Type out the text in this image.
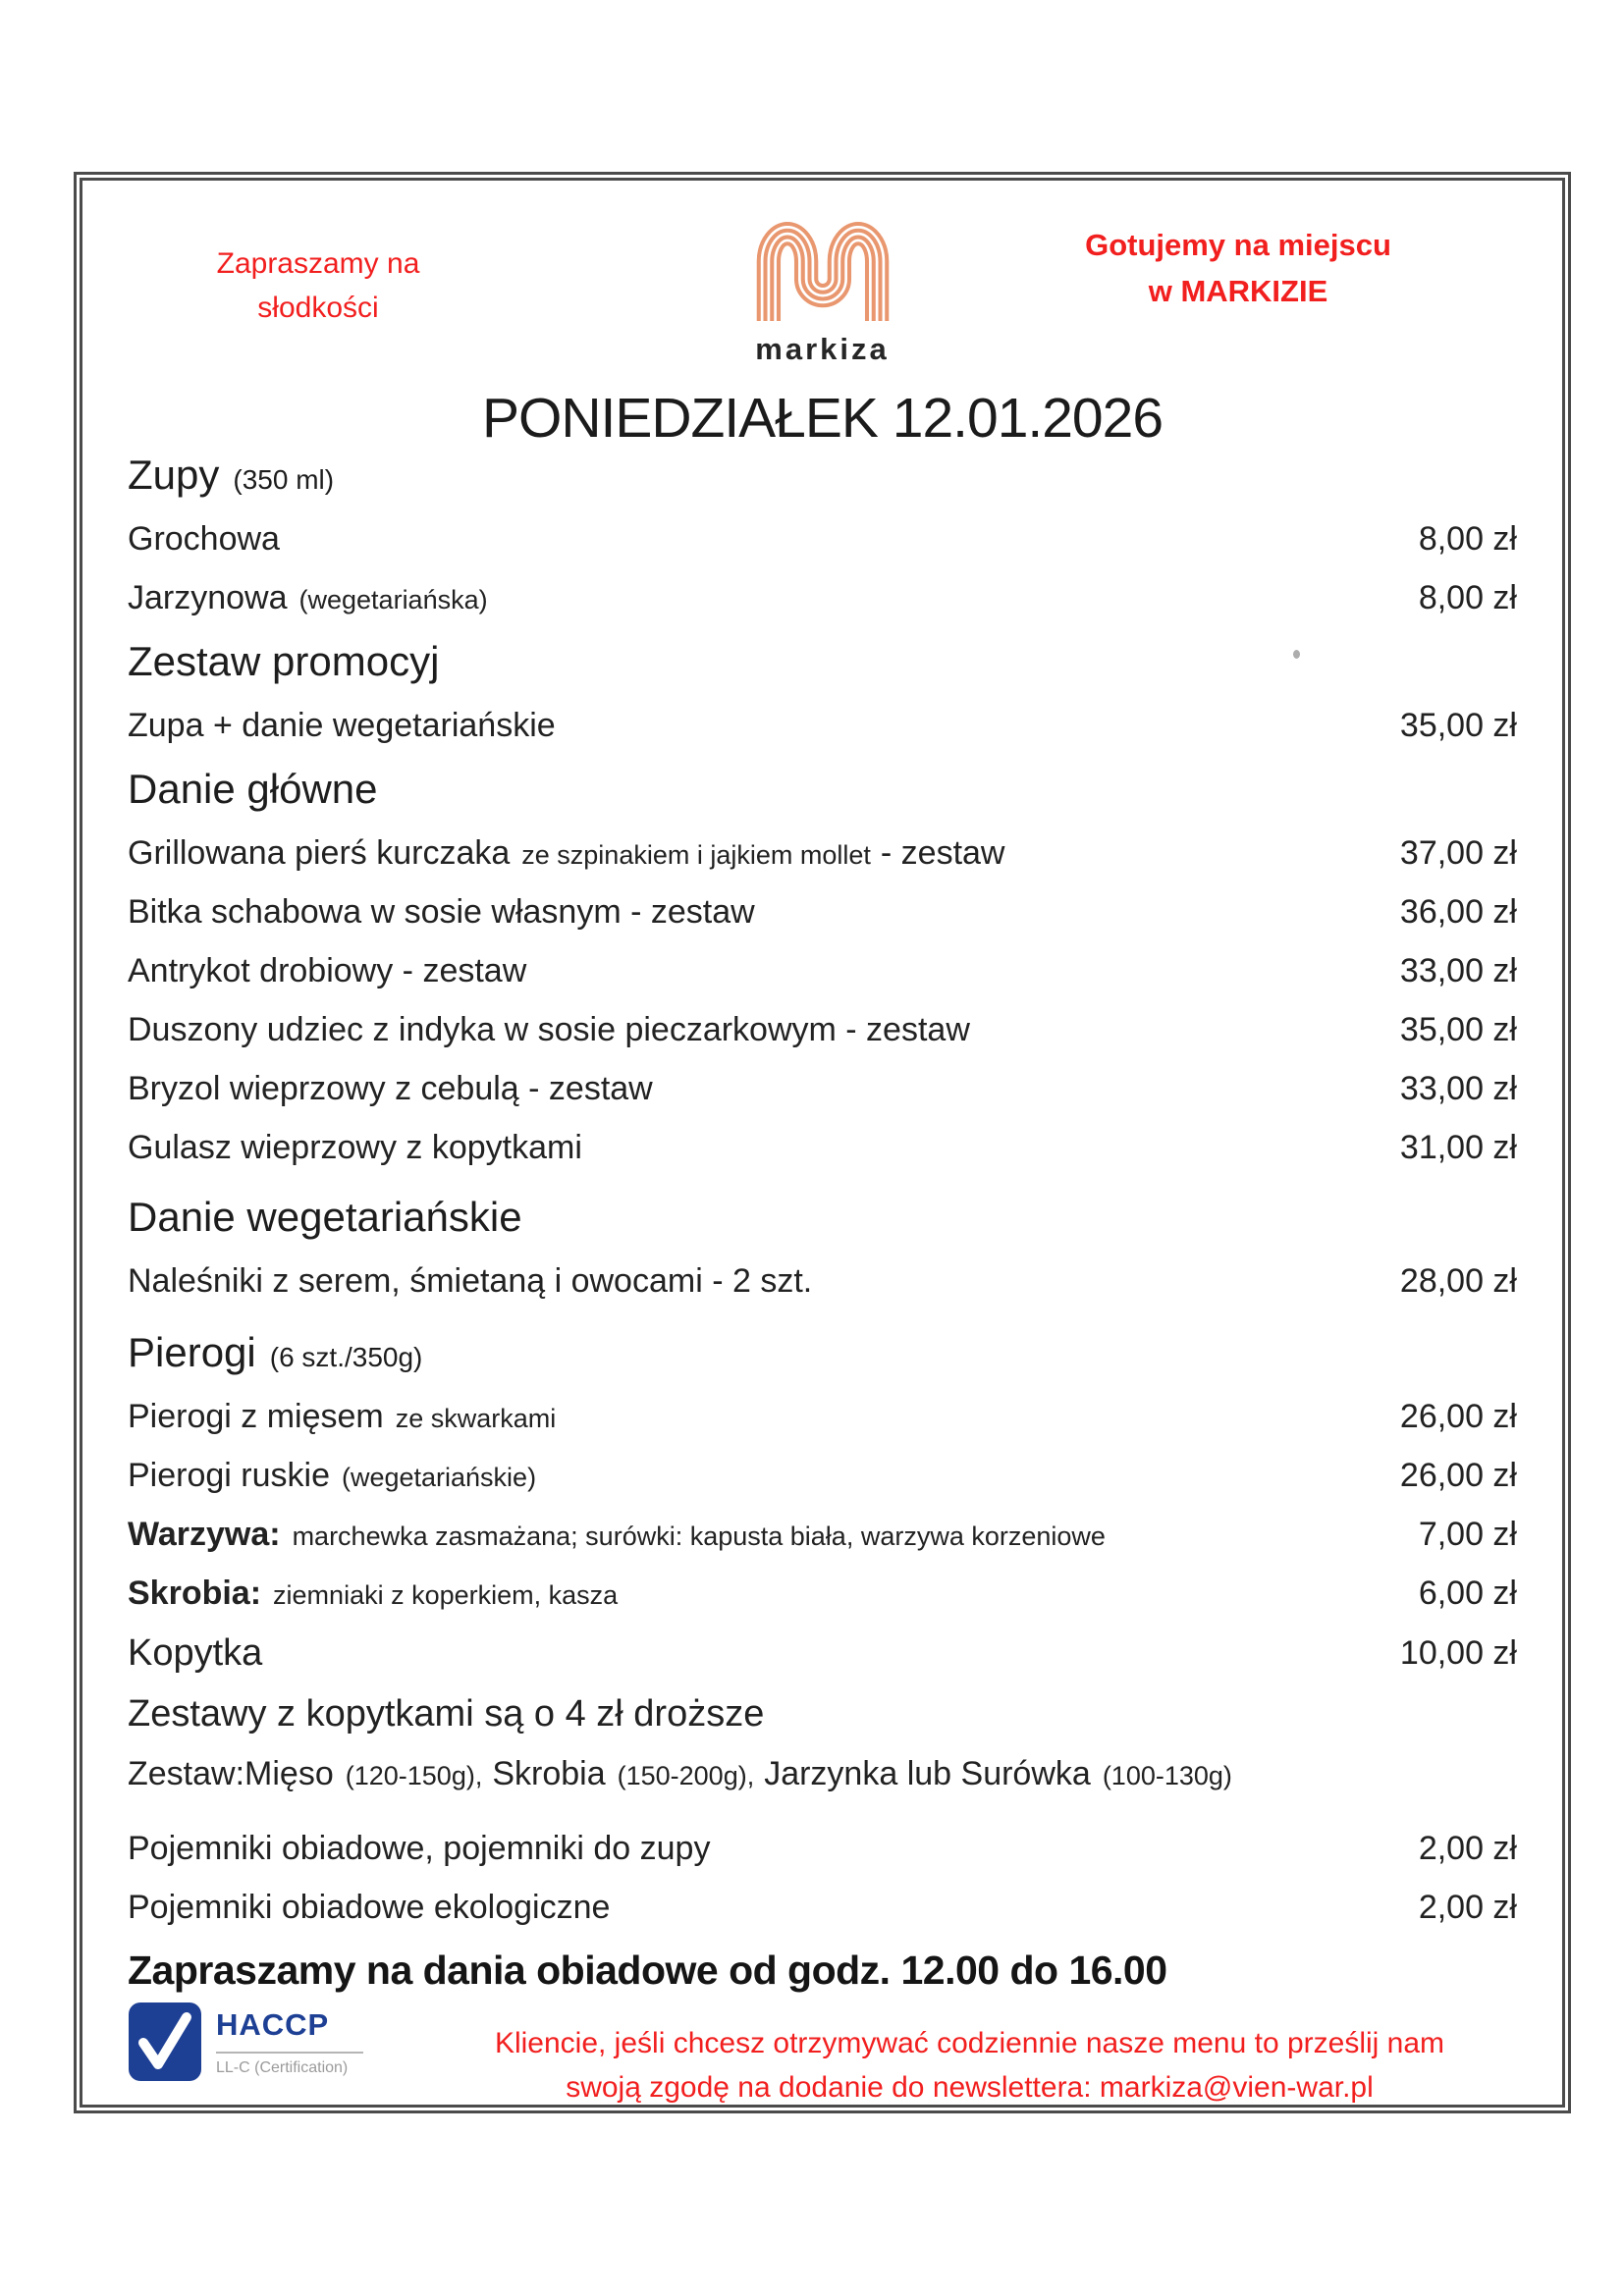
Zapraszamy na
słodkości
markiza
Gotujemy na miejscu
w MARKIZIE
PONIEDZIAŁEK 12.01.2026
Zupy (350 ml)
Grochowa	8,00 zł
Jarzynowa (wegetariańska)	8,00 zł
Zestaw promocyj
Zupa + danie wegetariańskie	35,00 zł
Danie główne
Grillowana pierś kurczaka ze szpinakiem i jajkiem mollet - zestaw	37,00 zł
Bitka schabowa w sosie własnym - zestaw	36,00 zł
Antrykot drobiowy - zestaw	33,00 zł
Duszony udziec z indyka w sosie pieczarkowym - zestaw	35,00 zł
Bryzol wieprzowy z cebulą - zestaw	33,00 zł
Gulasz wieprzowy z kopytkami	31,00 zł
Danie wegetariańskie
Naleśniki z serem, śmietaną i owocami - 2 szt.	28,00 zł
Pierogi (6 szt./350g)
Pierogi z mięsem ze skwarkami	26,00 zł
Pierogi ruskie (wegetariańskie)	26,00 zł
Warzywa: marchewka zasmażana; surówki: kapusta biała, warzywa korzeniowe	7,00 zł
Skrobia: ziemniaki z koperkiem, kasza	6,00 zł
Kopytka	10,00 zł
Zestawy z kopytkami są o 4 zł droższe
Zestaw:Mięso (120-150g), Skrobia (150-200g), Jarzynka lub Surówka (100-130g)
Pojemniki obiadowe, pojemniki do zupy	2,00 zł
Pojemniki obiadowe ekologiczne	2,00 zł
Zapraszamy na dania obiadowe od godz. 12.00 do 16.00
HACCP
LL-C (Certification)
Kliencie, jeśli chcesz otrzymywać codziennie nasze menu to prześlij nam
swoją zgodę na dodanie do newslettera: markiza@vien-war.pl
